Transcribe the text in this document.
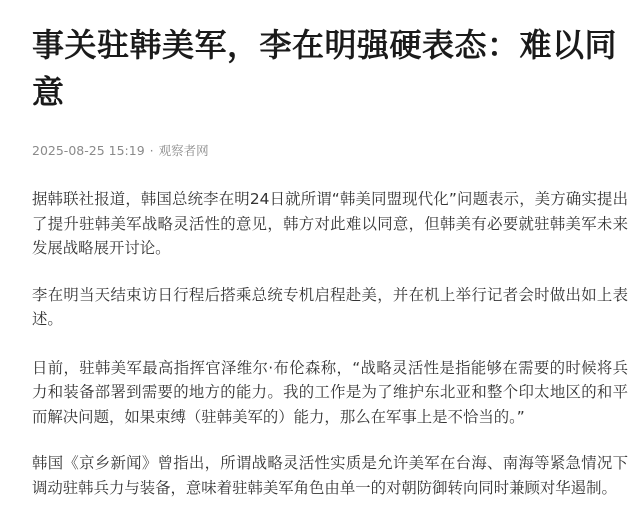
事关驻韩美军，李在明强硬表态：难以同意
2025-08-25 15:19 · 观察者网

据韩联社报道，韩国总统李在明24日就所谓“韩美同盟现代化”问题表示，美方确实提出了提升驻韩美军战略灵活性的意见，韩方对此难以同意，但韩美有必要就驻韩美军未来发展战略展开讨论。

李在明当天结束访日行程后搭乘总统专机启程赴美，并在机上举行记者会时做出如上表述。

日前，驻韩美军最高指挥官泽维尔·布伦森称，“战略灵活性是指能够在需要的时候将兵力和装备部署到需要的地方的能力。我的工作是为了维护东北亚和整个印太地区的和平而解决问题，如果束缚（驻韩美军的）能力，那么在军事上是不恰当的。”

韩国《京乡新闻》曾指出，所谓战略灵活性实质是允许美军在台海、南海等紧急情况下调动驻韩兵力与装备，意味着驻韩美军角色由单一的对朝防御转向同时兼顾对华遏制。
